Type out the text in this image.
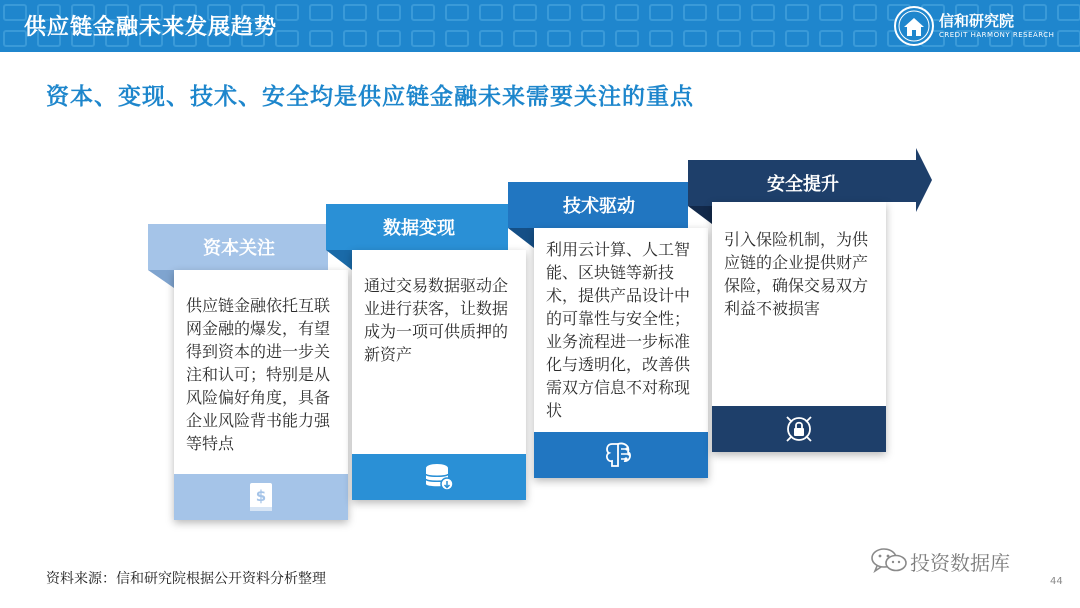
供应链金融未来发展趋势	信和研究院
CREDIT HARMONY RESEARCH
资本、变现、技术、安全均是供应链金融未来需要关注的重点
资本关注
数据变现
技术驱动
安全提升
供应链金融依托互联网金融的爆发，有望得到资本的进一步关注和认可；特别是从风险偏好角度，具备企业风险背书能力强等特点
$
通过交易数据驱动企业进行获客，让数据成为一项可供质押的新资产
利用云计算、人工智能、区块链等新技术，提供产品设计中的可靠性与安全性；业务流程进一步标准化与透明化，改善供需双方信息不对称现状
引入保险机制，为供应链的企业提供财产保险，确保交易双方利益不被损害
资料来源：信和研究院根据公开资料分析整理
投资数据库
44
